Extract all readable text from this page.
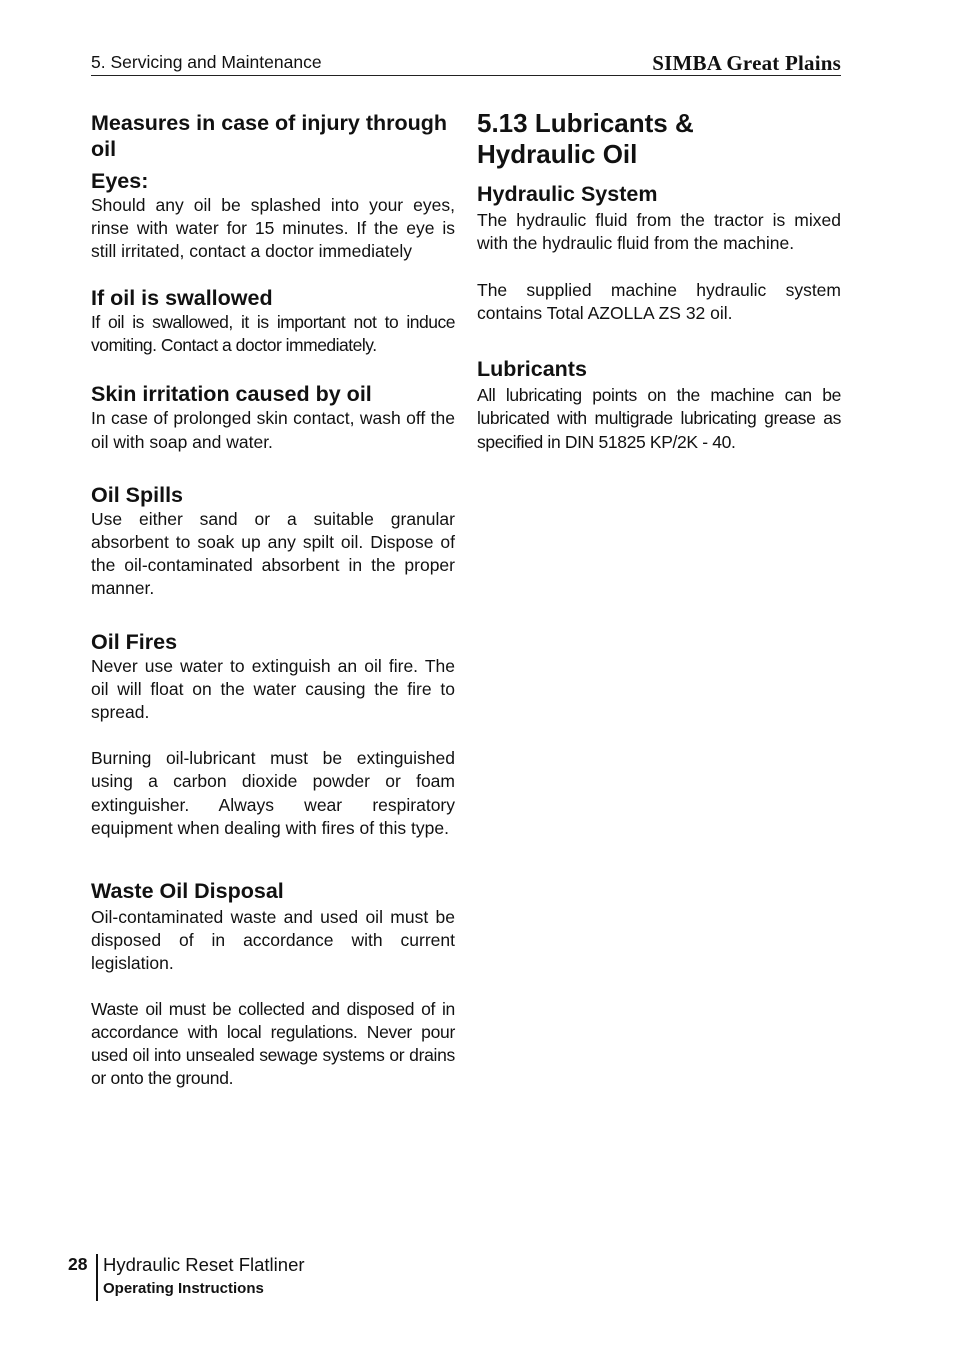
5. Servicing and Maintenance	SIMBA Great Plains
Measures in case of injury through oil
Eyes:

Should any oil be splashed into your eyes, rinse with water for 15 minutes. If the eye is still irritated, contact a doctor immediately

If oil is swallowed

If oil is swallowed, it is important not to induce vomiting. Contact a doctor immediately.

Skin irritation caused by oil

In case of prolonged skin contact, wash off the oil with soap and water.

Oil Spills

Use either sand or a suitable granular absorbent to soak up any spilt oil. Dispose of the oil-contaminated absorbent in the proper manner.

Oil Fires

Never use water to extinguish an oil fire. The oil will float on the water causing the fire to spread.

Burning oil-lubricant must be extinguished using a carbon dioxide powder or foam extinguisher. Always wear respiratory equipment when dealing with fires of this type.

Waste Oil Disposal

Oil-contaminated waste and used oil must be disposed of in accordance with current legislation.

Waste oil must be collected and disposed of in accordance with local regulations. Never pour used oil into unsealed sewage systems or drains or onto the ground.

5.13 Lubricants & Hydraulic Oil
Hydraulic System

The hydraulic fluid from the tractor is mixed with the hydraulic fluid from the machine.

The supplied machine hydraulic system contains Total AZOLLA ZS 32 oil.

Lubricants

All lubricating points on the machine can be lubricated with multigrade lubricating grease as specified in DIN 51825 KP/2K - 40.

28 Hydraulic Reset Flatliner
Operating Instructions
